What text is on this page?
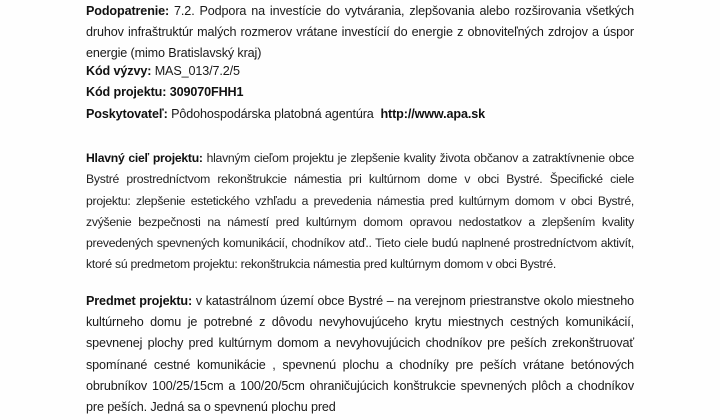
Podopatrenie: 7.2. Podpora na investície do vytvárania, zlepšovania alebo rozširovania všetkých druhov infraštruktúr malých rozmerov vrátane investícií do energie z obnoviteľných zdrojov a úspor energie (mimo Bratislavský kraj)

Kód výzvy: MAS_013/7.2/5
Kód projektu: 309070FHH1
Poskytovateľ: Pôdohospodárska platobná agentúra http://www.apa.sk

Hlavný cieľ projektu: hlavným cieľom projektu je zlepšenie kvality života občanov a zatraktívnenie obce Bystré prostredníctvom rekonštrukcie námestia pri kultúrnom dome v obci Bystré. Špecifické ciele projektu: zlepšenie estetického vzhľadu a prevedenia námestia pred kultúrnym domom v obci Bystré, zvýšenie bezpečnosti na námestí pred kultúrnym domom opravou nedostatkov a zlepšením kvality prevedených spevnených komunikácií, chodníkov atď.. Tieto ciele budú naplnené prostredníctvom aktivít, ktoré sú predmetom projektu: rekonštrukcia námestia pred kultúrnym domom v obci Bystré.

Predmet projektu: v katastrálnom území obce Bystré – na verejnom priestranstve okolo miestneho kultúrneho domu je potrebné z dôvodu nevyhovujúceho krytu miestnych cestných komunikácií, spevnenej plochy pred kultúrnym domom a nevyhovujúcich chodníkov pre peších zrekonštruovať spomínané cestné komunikácie , spevnenú plochu a chodníky pre peších vrátane betónových obrubníkov 100/25/15cm a 100/20/5cm ohraničujúcich konštrukcie spevnených plôch a chodníkov pre peších. Jedná sa o spevnenú plochu pred
